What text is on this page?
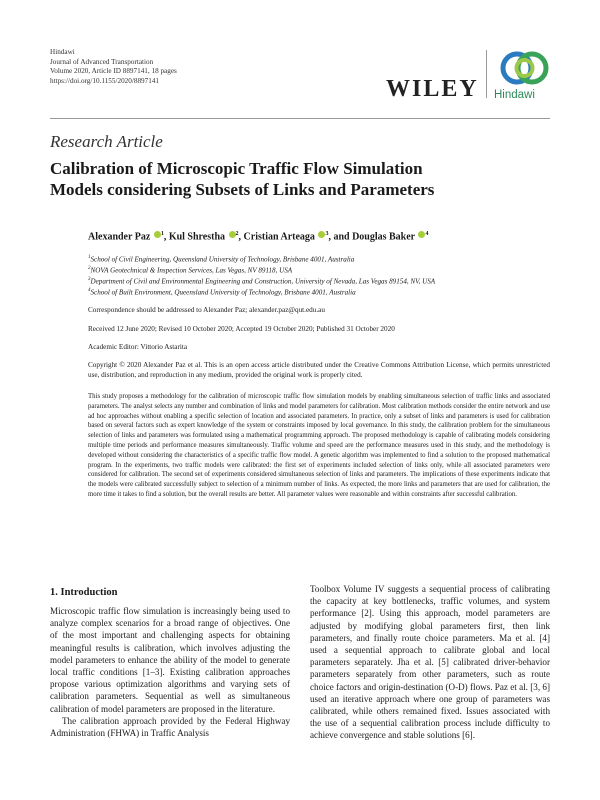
Hindawi
Journal of Advanced Transportation
Volume 2020, Article ID 8897141, 18 pages
https://doi.org/10.1155/2020/8897141	WILEY Hindawi
Research Article
Calibration of Microscopic Traffic Flow Simulation
Models considering Subsets of Links and Parameters
Alexander Paz $^1$, Kul Shrestha $^2$, Cristian Arteaga $^3$, and Douglas Baker $^4$
$^1$School of Civil Engineering, Queensland University of Technology, Brisbane 4001, Australia
$^2$NOVA Geotechnical & Inspection Services, Las Vegas, NV 89118, USA
$^3$Department of Civil and Environmental Engineering and Construction, University of Nevada, Las Vegas 89154, NV, USA
$^4$School of Built Environment, Queensland University of Technology, Brisbane 4001, Australia
Correspondence should be addressed to Alexander Paz; alexander.paz@qut.edu.au
Received 12 June 2020; Revised 10 October 2020; Accepted 19 October 2020; Published 31 October 2020
Academic Editor: Vittorio Astarita
Copyright © 2020 Alexander Paz et al. This is an open access article distributed under the Creative Commons Attribution License, which permits unrestricted use, distribution, and reproduction in any medium, provided the original work is properly cited.
This study proposes a methodology for the calibration of microscopic traffic flow simulation models by enabling simultaneous selection of traffic links and associated parameters. The analyst selects any number and combination of links and model parameters for calibration. Most calibration methods consider the entire network and use ad hoc approaches without enabling a specific selection of location and associated parameters. In practice, only a subset of links and parameters is used for calibration based on several factors such as expert knowledge of the system or constraints imposed by local governance. In this study, the calibration problem for the simultaneous selection of links and parameters was formulated using a mathematical programming approach. The proposed methodology is capable of calibrating models considering multiple time periods and performance measures simultaneously. Traffic volume and speed are the performance measures used in this study, and the methodology is developed without considering the characteristics of a specific traffic flow model. A genetic algorithm was implemented to find a solution to the proposed mathematical program. In the experiments, two traffic models were calibrated: the first set of experiments included selection of links only, while all associated parameters were considered for calibration. The second set of experiments considered simultaneous selection of links and parameters. The implications of these experiments indicate that the models were calibrated successfully subject to selection of a minimum number of links. As expected, the more links and parameters that are used for calibration, the more time it takes to find a solution, but the overall results are better. All parameter values were reasonable and within constraints after successful calibration.
1. Introduction

Microscopic traffic flow simulation is increasingly being used to analyze complex scenarios for a broad range of objectives. One of the most important and challenging aspects for obtaining meaningful results is calibration, which involves adjusting the model parameters to enhance the ability of the model to generate local traffic conditions [1–3]. Existing calibration approaches propose various optimization algorithms and varying sets of calibration parameters. Sequential as well as simultaneous calibration of model parameters are proposed in the literature.

The calibration approach provided by the Federal Highway Administration (FHWA) in Traffic Analysis

Toolbox Volume IV suggests a sequential process of calibrating the capacity at key bottlenecks, traffic volumes, and system performance [2]. Using this approach, model parameters are adjusted by modifying global parameters first, then link parameters, and finally route choice parameters. Ma et al. [4] used a sequential approach to calibrate global and local parameters separately. Jha et al. [5] calibrated driver-behavior parameters separately from other parameters, such as route choice factors and origin-destination (O-D) flows. Paz et al. [3, 6] used an iterative approach where one group of parameters was calibrated, while others remained fixed. Issues associated with the use of a sequential calibration process include difficulty to achieve convergence and stable solutions [6].
